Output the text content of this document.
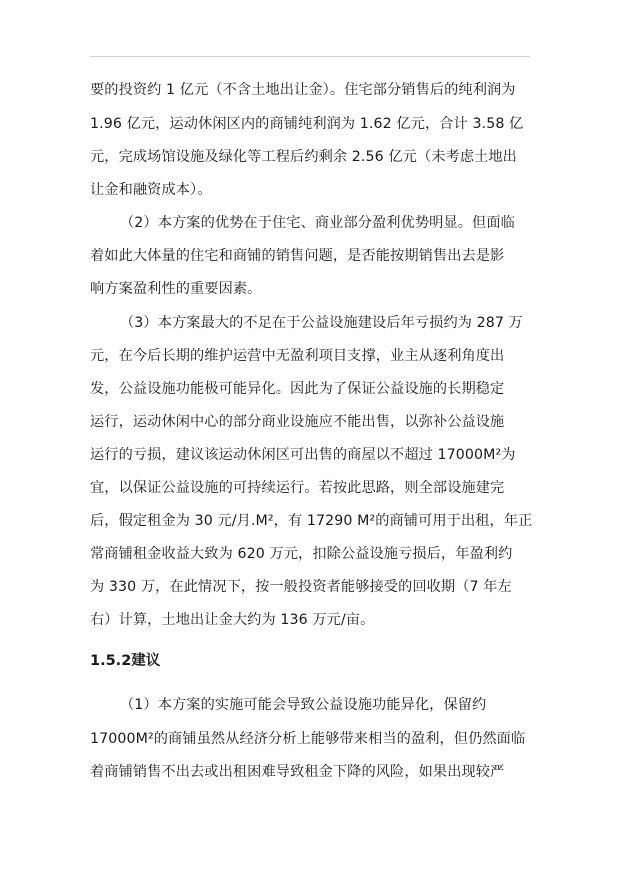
要的投资约 1 亿元（不含土地出让金）。住宅部分销售后的纯利润为
1.96 亿元，运动休闲区内的商铺纯利润为 1.62 亿元，合计 3.58 亿
元，完成场馆设施及绿化等工程后约剩余 2.56 亿元（未考虑土地出
让金和融资成本）。
（2）本方案的优势在于住宅、商业部分盈利优势明显。但面临
着如此大体量的住宅和商铺的销售问题，是否能按期销售出去是影
响方案盈利性的重要因素。
（3）本方案最大的不足在于公益设施建设后年亏损约为 287 万
元，在今后长期的维护运营中无盈利项目支撑，业主从逐利角度出
发，公益设施功能极可能异化。因此为了保证公益设施的长期稳定
运行，运动休闲中心的部分商业设施应不能出售，以弥补公益设施
运行的亏损，建议该运动休闲区可出售的商屋以不超过 17000M²为
宜，以保证公益设施的可持续运行。若按此思路，则全部设施建完
后，假定租金为 30 元/月.M²，有 17290 M²的商铺可用于出租，年正
常商铺租金收益大致为 620 万元，扣除公益设施亏损后，年盈利约
为 330 万，在此情况下，按一般投资者能够接受的回收期（7 年左
右）计算，土地出让金大约为 136 万元/亩。
1.5.2建议
（1）本方案的实施可能会导致公益设施功能异化，保留约
17000M²的商铺虽然从经济分析上能够带来相当的盈利，但仍然面临
着商铺销售不出去或出租困难导致租金下降的风险，如果出现较严
